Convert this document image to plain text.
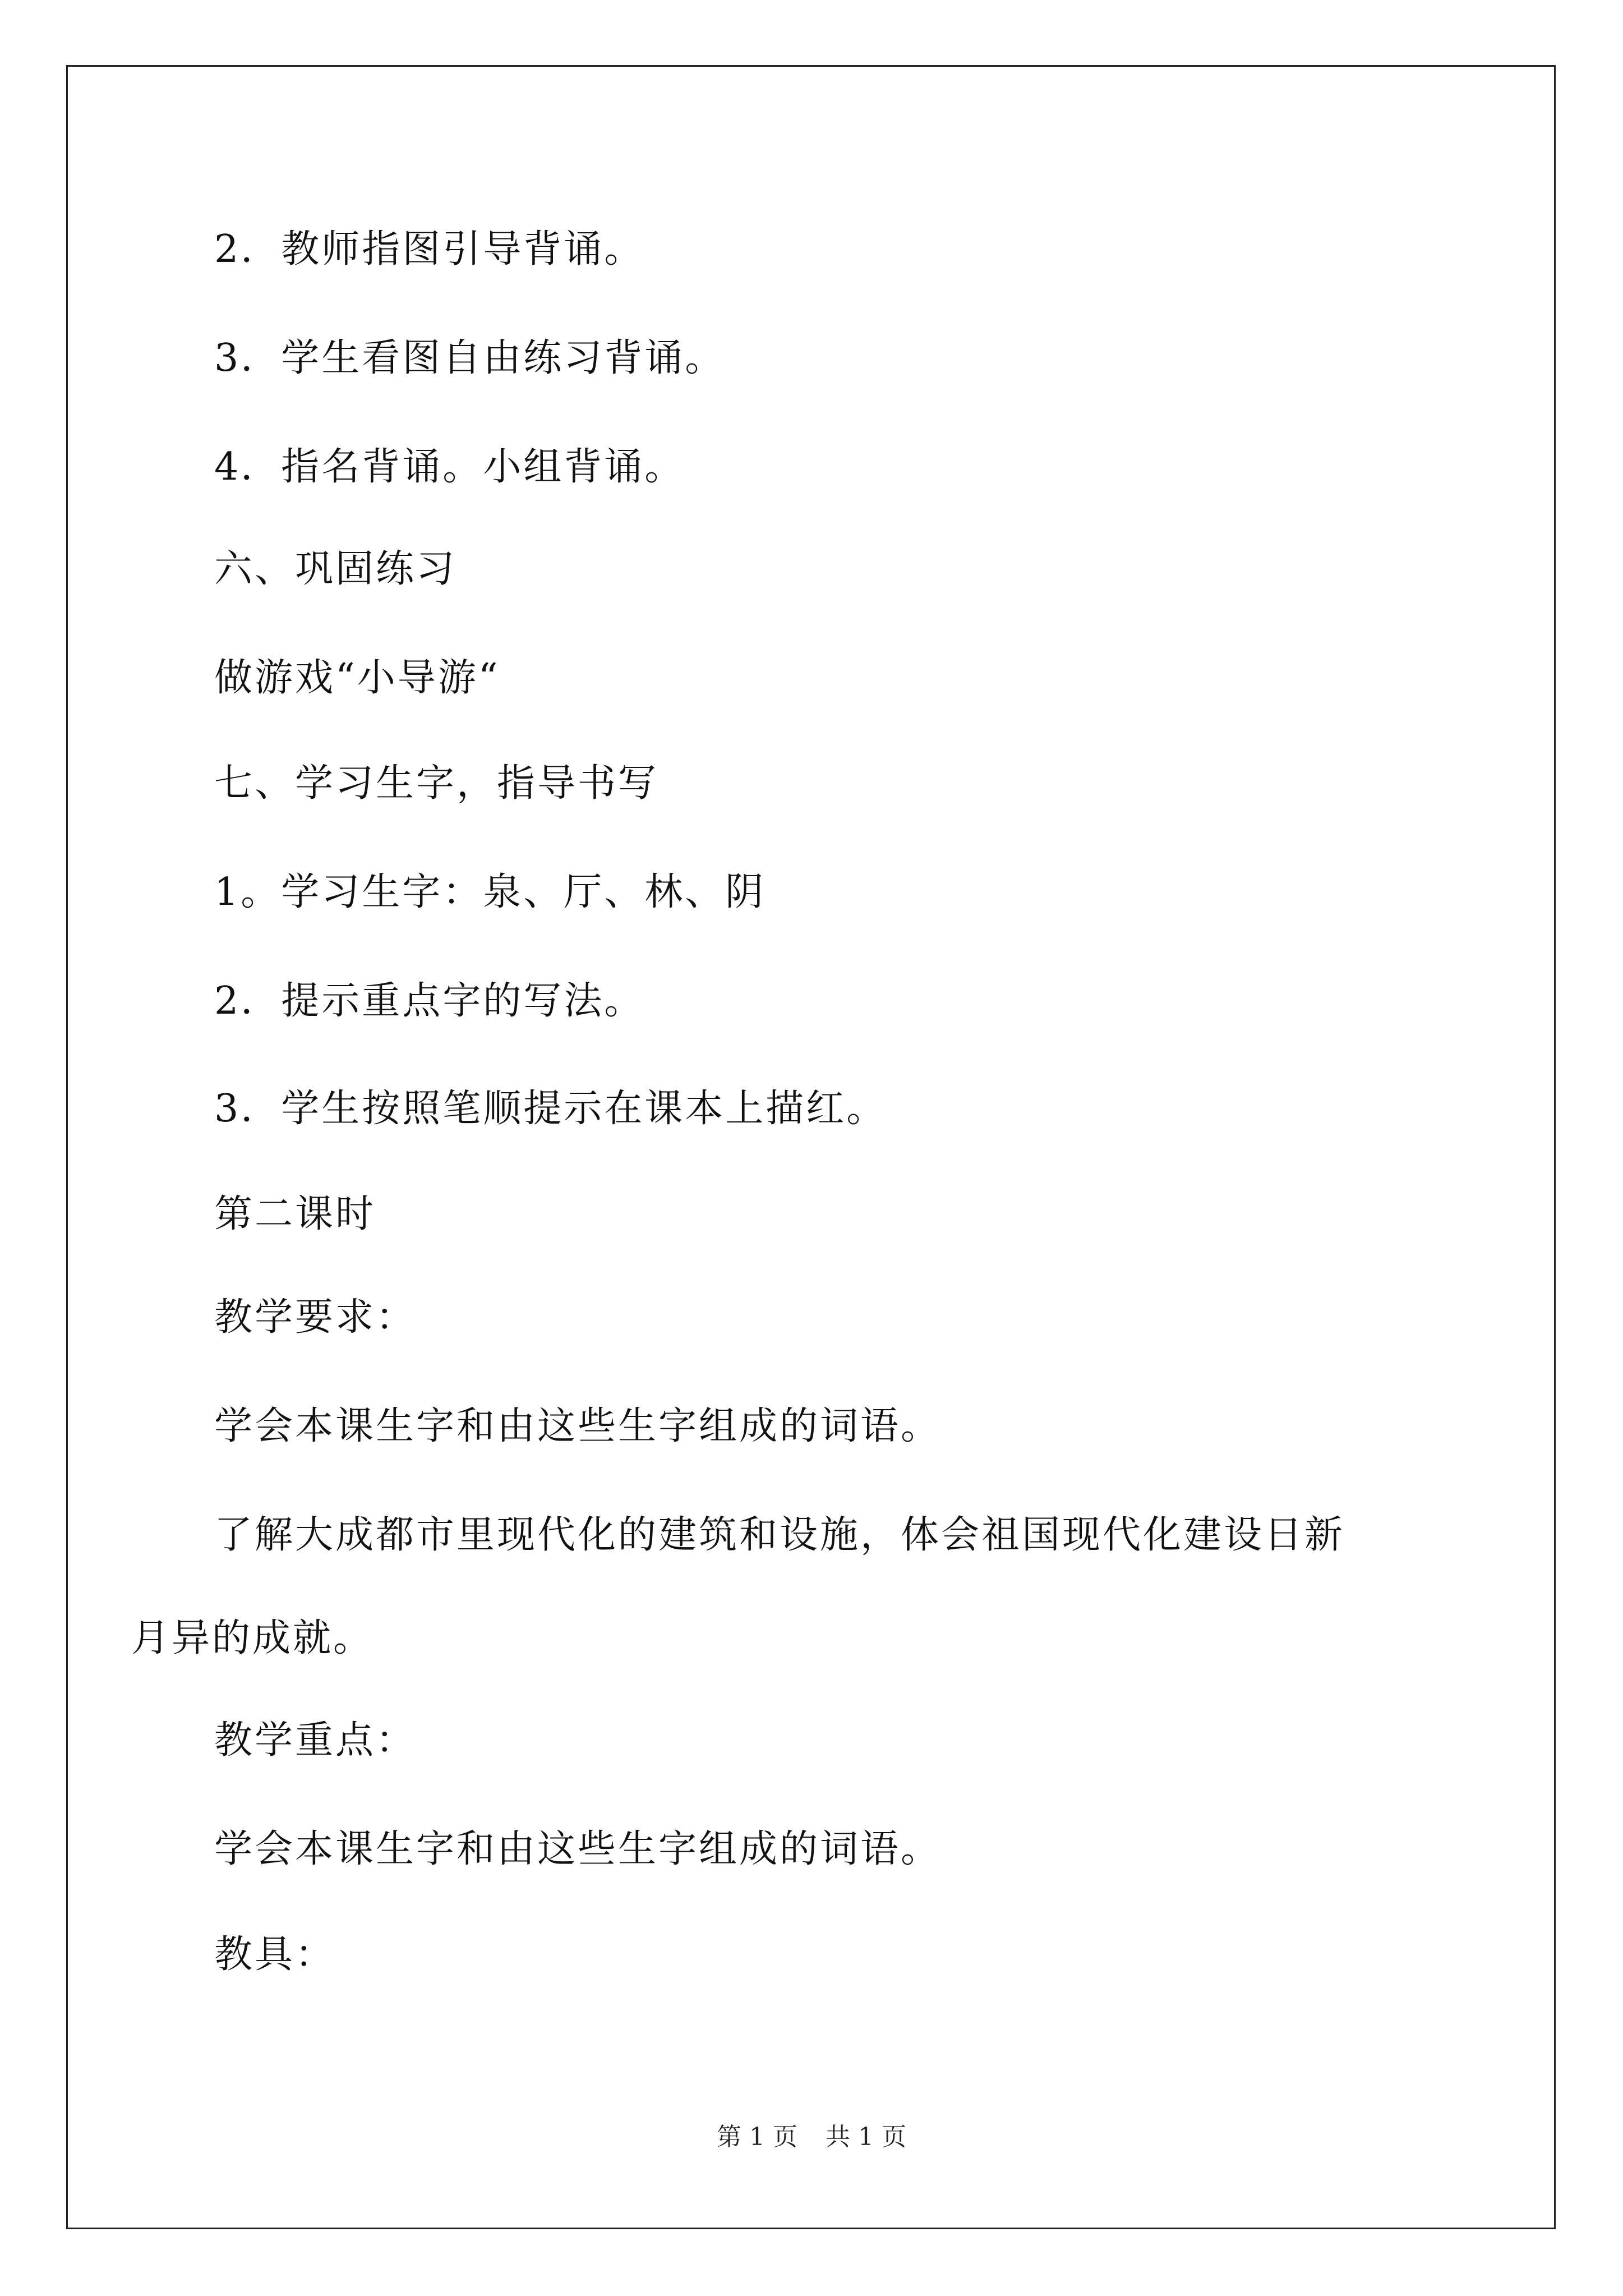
2．教师指图引导背诵。
3．学生看图自由练习背诵。
4．指名背诵。小组背诵。
六、巩固练习
做游戏“小导游“
七、学习生字，指导书写
1。学习生字：泉、厅、林、阴
2．提示重点字的写法。
3．学生按照笔顺提示在课本上描红。
第二课时
教学要求：
学会本课生字和由这些生字组成的词语。
了解大成都市里现代化的建筑和设施，体会祖国现代化建设日新
月异的成就。
教学重点：
学会本课生字和由这些生字组成的词语。
教具：
第 1 页 共 1 页
